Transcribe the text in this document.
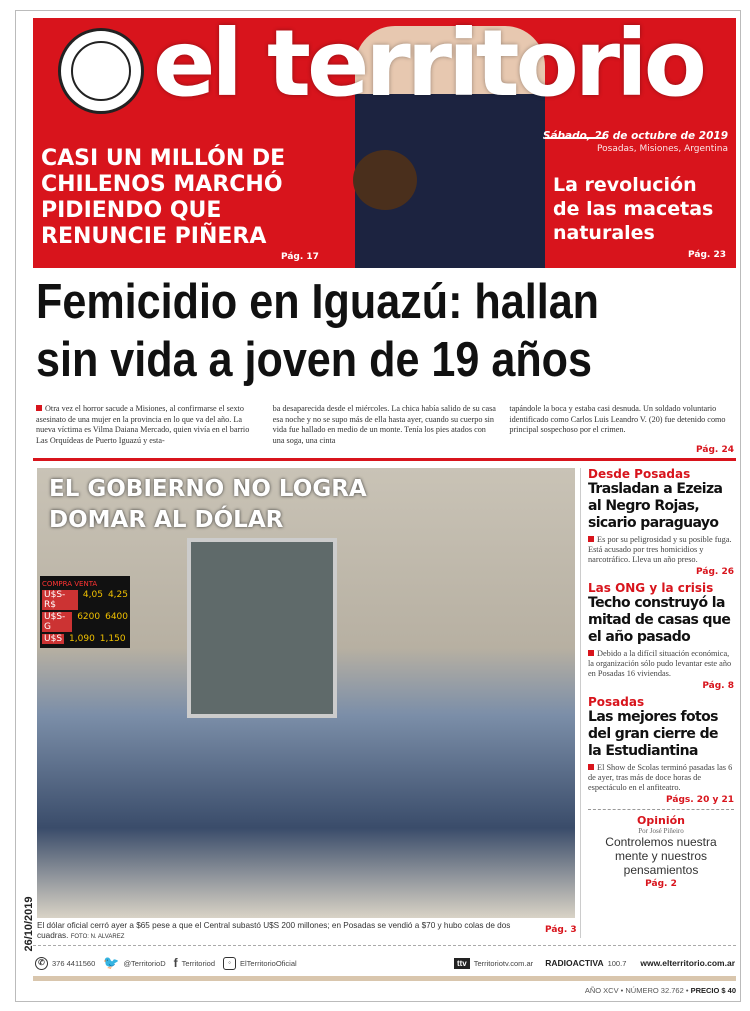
26/10/2019
el territorio
Sábado, 26 de octubre de 2019
Posadas, Misiones, Argentina
CASI UN MILLÓN DE
CHILENOS MARCHÓ
PIDIENDO QUE
RENUNCIE PIÑERA
Pág. 17
La revolución
de las macetas
naturales
Pág. 23
Femicidio en Iguazú: hallan
sin vida a joven de 19 años
Otra vez el horror sacude a Misiones, al confirmarse el sexto asesinato de una mujer en la provincia en lo que va del año. La nueva víctima es Vilma Daiana Mercado, quien vivía en el barrio Las Orquídeas de Puerto Iguazú y esta-
ba desaparecida desde el miércoles. La chica había salido de su casa esa noche y no se supo más de ella hasta ayer, cuando su cuerpo sin vida fue hallado en medio de un monte. Tenía los pies atados con una soga, una cinta
tapándole la boca y estaba casi desnuda. Un soldado voluntario identificado como Carlos Luis Leandro V. (20) fue detenido como principal sospechoso por el crimen.
Pág. 24
EL GOBIERNO NO LOGRA
DOMAR AL DÓLAR
COMPRA VENTA
U$S-R$
4,05 4,25
U$S-G
6200 6400
U$S 1,090 1,150
El dólar oficial cerró ayer a $65 pese a que el Central subastó U$S 200 millones; en Posadas se vendió a $70 y hubo colas de dos cuadras. FOTO: N. ALVAREZ
Pág. 3
Desde Posadas
Trasladan a Ezeiza al Negro Rojas, sicario paraguayo
Es por su peligrosidad y su posible fuga. Está acusado por tres homicidios y narcotráfico. Lleva un año preso.
Pág. 26
Las ONG y la crisis
Techo construyó la mitad de casas que el año pasado
Debido a la difícil situación económica, la organización sólo pudo levantar este año en Posadas 16 viviendas.
Pág. 8
Posadas
Las mejores fotos del gran cierre de la Estudiantina
El Show de Scolas terminó pasadas las 6 de ayer, tras más de doce horas de espectáculo en el anfiteatro.
Págs. 20 y 21
Opinión
Por José Piñeiro
Controlemos nuestra mente y nuestros pensamientos
Pág. 2
✆ 376 4411560 🐦 @TerritorioD f Territoriod	◦	ElTerritorioOficial	ttv Territoriotv.com.ar RADIOACTIVA 100.7 www.elterritorio.com.ar
AÑO XCV • NÚMERO 32.762 • PRECIO $ 40
